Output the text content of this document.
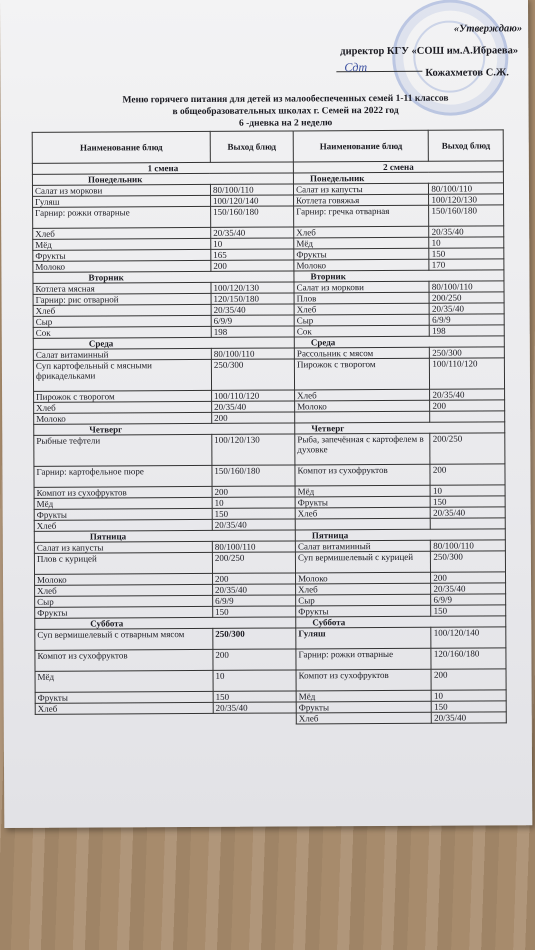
«Утверждаю»
директор КГУ «СОШ им.А.Ибраева»
Сдт	Кожахметов С.Ж.
Меню горячего питания для детей из малообеспеченных семей 1-11 классов
в общеобразовательных школах г. Семей на 2022 год
6 -дневка на 2 неделю
Наименование блюд	Выход блюд	Наименование блюд	Выход блюд
1 смена		2 смена	
Понедельник		Понедельник	
Салат из моркови	80/100/110	Салат из капусты	80/100/110
Гуляш	100/120/140	Котлета говяжья	100/120/130
Гарнир: рожки отварные	150/160/180	Гарнир: гречка отварная	150/160/180
Хлеб	20/35/40	Хлеб	20/35/40
Мёд	10	Мёд	10
Фрукты	165	Фрукты	150
Молоко	200	Молоко	170
Вторник		Вторник	
Котлета мясная	100/120/130	Салат из моркови	80/100/110
Гарнир: рис отварной	120/150/180	Плов	200/250
Хлеб	20/35/40	Хлеб	20/35/40
Сыр	6/9/9	Сыр	6/9/9
Сок	198	Сок	198
Среда		Среда	
Салат витаминный	80/100/110	Рассольник с мясом	250/300
Суп картофельный с мясными фрикадельками	250/300	Пирожок с творогом	100/110/120
Пирожок с творогом	100/110/120	Хлеб	20/35/40
Хлеб	20/35/40	Молоко	200
Молоко	200		
Четверг		Четверг	
Рыбные тефтели	100/120/130	Рыба, запечённая с картофелем в духовке	200/250
Гарнир: картофельное пюре	150/160/180	Компот из сухофруктов	200
Компот из сухофруктов	200	Мёд	10
Мёд	10	Фрукты	150
Фрукты	150	Хлеб	20/35/40
Хлеб	20/35/40		
Пятница		Пятница	
Салат из капусты	80/100/110	Салат витаминный	80/100/110
Плов с курицей	200/250	Суп вермишелевый с курицей	250/300
Молоко	200	Молоко	200
Хлеб	20/35/40	Хлеб	20/35/40
Сыр	6/9/9	Сыр	6/9/9
Фрукты	150	Фрукты	150
Суббота		Суббота	
Суп вермишелевый с отварным мясом	250/300	Гуляш	100/120/140
Компот из сухофруктов	200	Гарнир: рожки отварные	120/160/180
Мёд	10	Компот из сухофруктов	200
Фрукты	150	Мёд	10
Хлеб	20/35/40	Фрукты	150
		Хлеб	20/35/40
